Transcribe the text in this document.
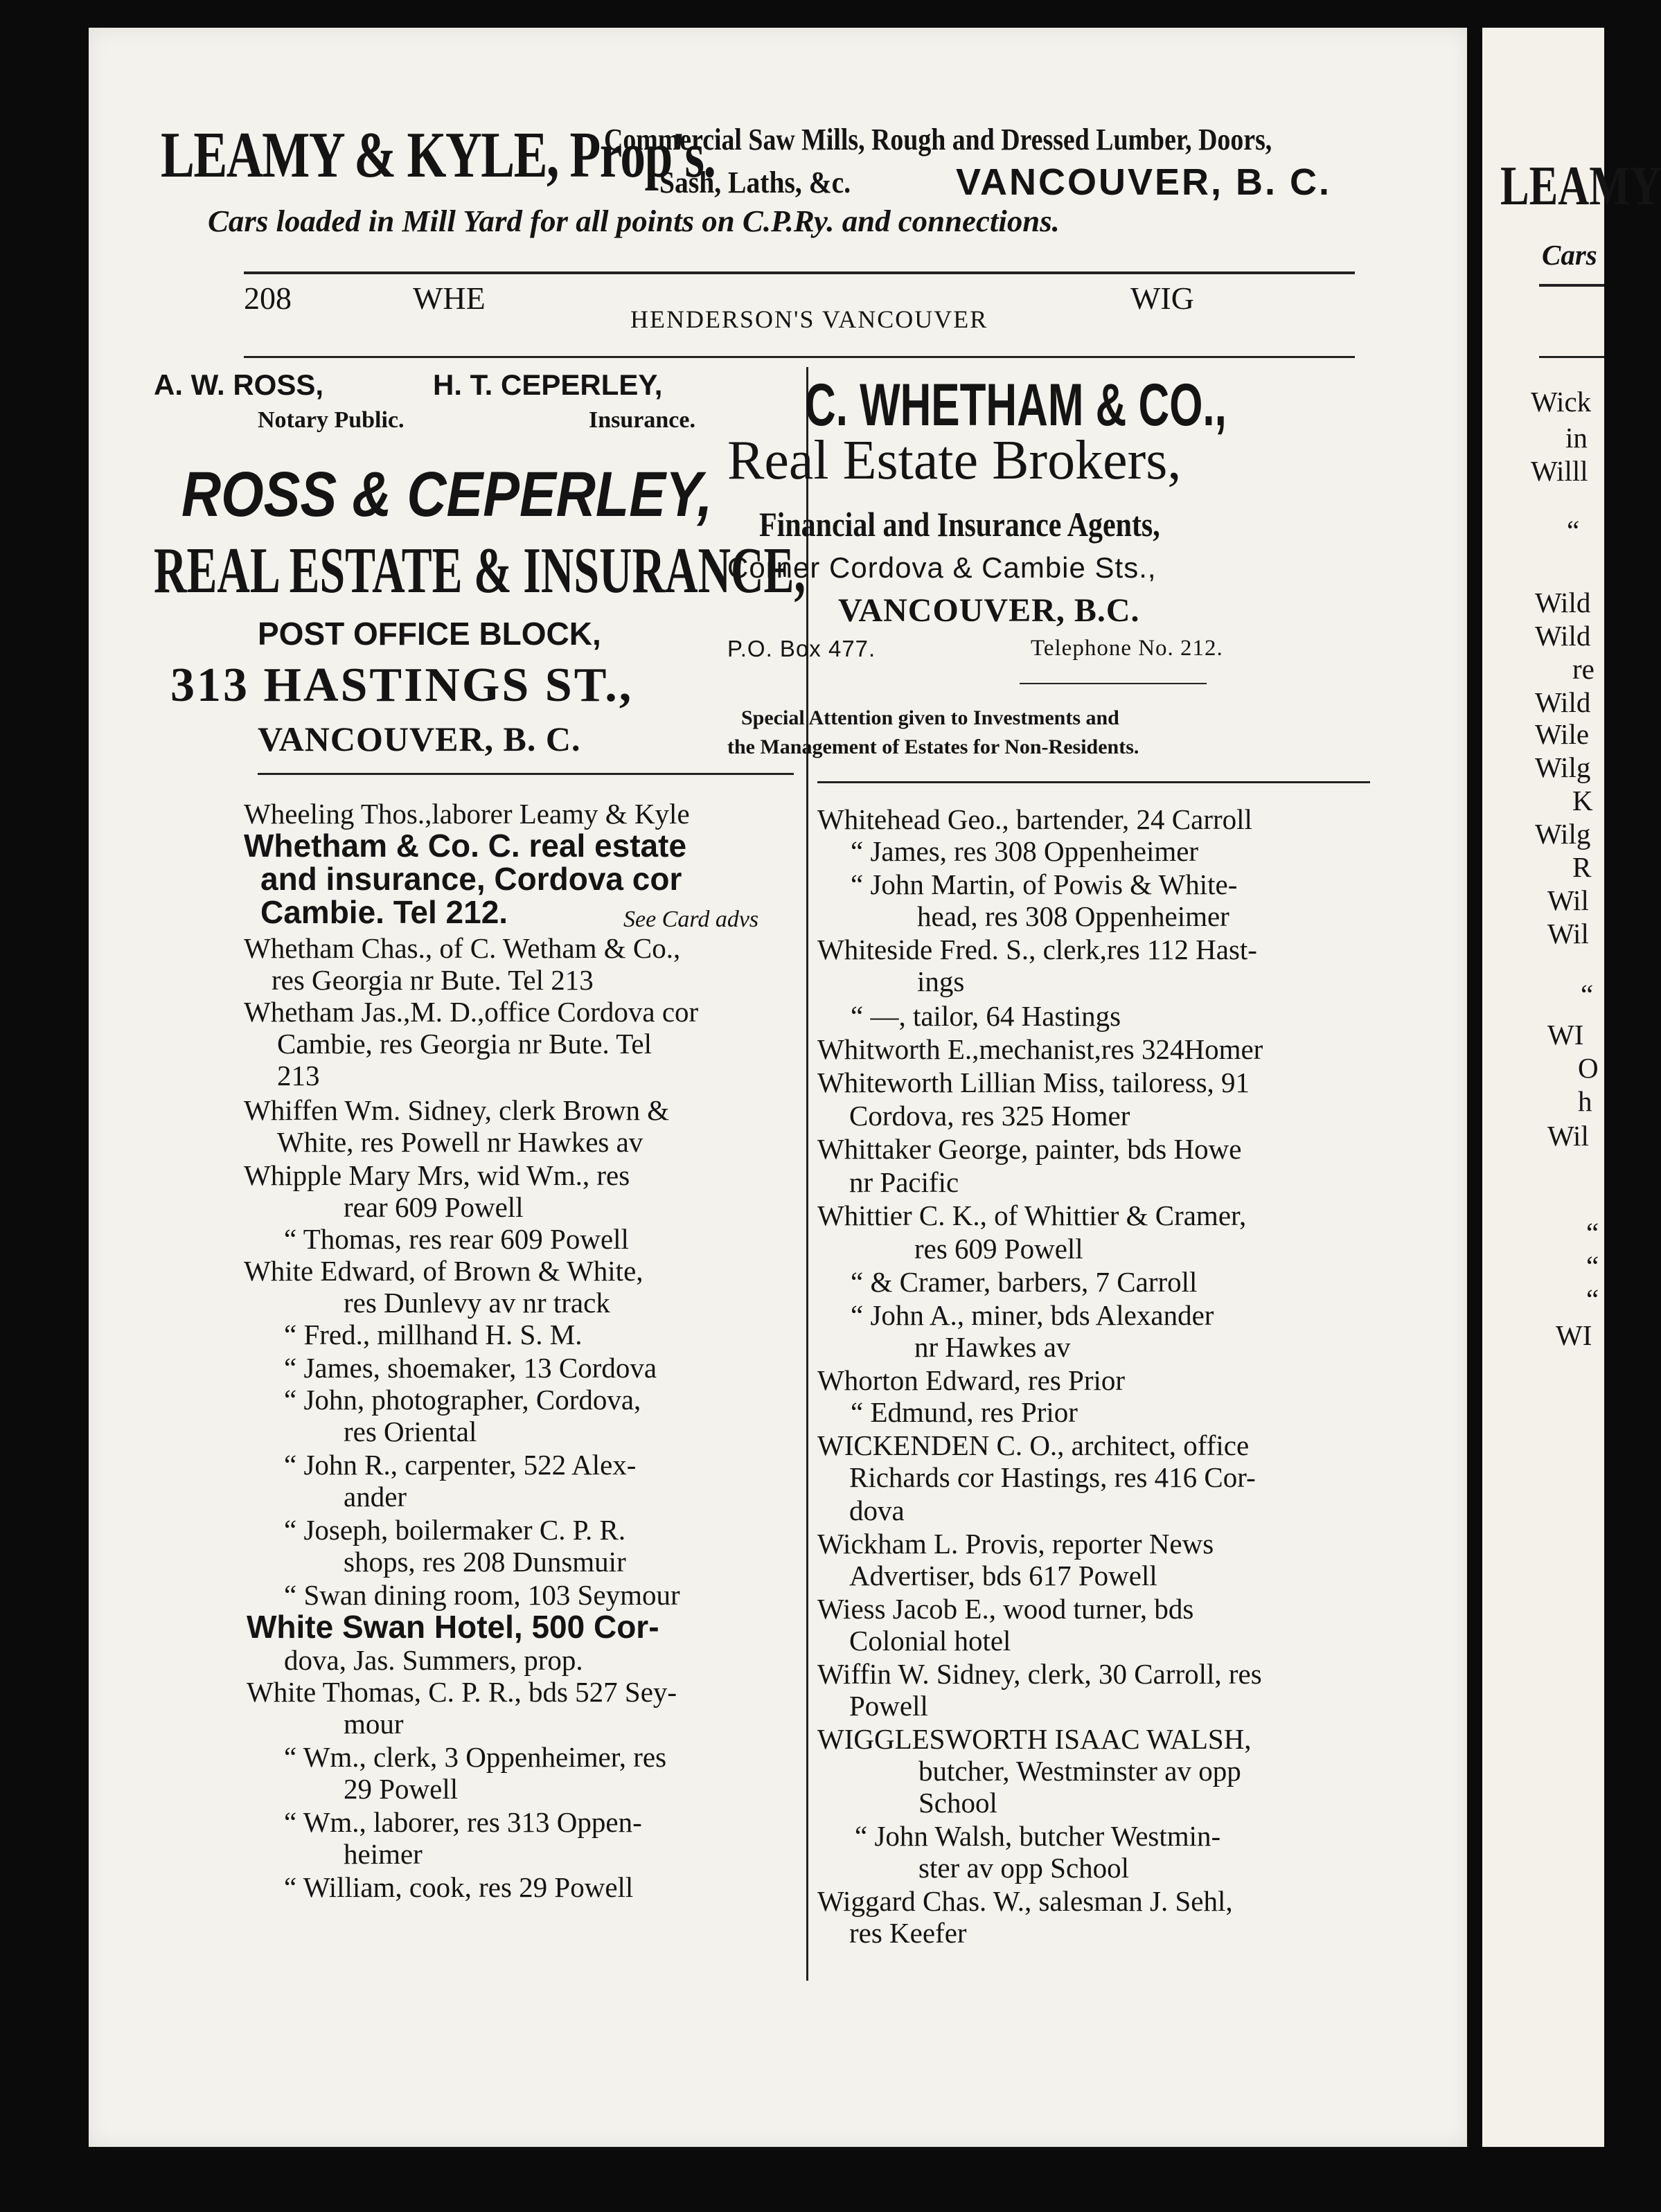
LEAMY & KYLE, Prop's.
Commercial Saw Mills, Rough and Dressed Lumber, Doors,
Sash, Laths, &c.	VANCOUVER, B. C.
Cars loaded in Mill Yard for all points on C.P.Ry. and connections.
208	WHE
HENDERSON'S VANCOUVER
WIG
A. W. ROSS,	H. T. CEPERLEY,
Notary Public.	Insurance.
ROSS & CEPERLEY,
REAL ESTATE & INSURANCE,
POST OFFICE BLOCK,
313 HASTINGS ST.,
VANCOUVER, B. C.
C. WHETHAM & CO.,
Real Estate Brokers,
Financial and Insurance Agents,
Corner Cordova & Cambie Sts.,
VANCOUVER, B.C.
P.O. Box 477.	Telephone No. 212.
Special Attention given to Investments and
the Management of Estates for Non-Residents.
Wheeling Thos.,laborer Leamy & Kyle
Whetham & Co. C. real estate
and insurance, Cordova cor
Cambie. Tel 212.	See Card advs
Whetham Chas., of C. Wetham & Co.,
res Georgia nr Bute. Tel 213
Whetham Jas.,M. D.,office Cordova cor
Cambie, res Georgia nr Bute. Tel
213
Whiffen Wm. Sidney, clerk Brown &
White, res Powell nr Hawkes av
Whipple Mary Mrs, wid Wm., res
rear 609 Powell
“ Thomas, res rear 609 Powell
White Edward, of Brown & White,
res Dunlevy av nr track
“ Fred., millhand H. S. M.
“ James, shoemaker, 13 Cordova
“ John, photographer, Cordova,
res Oriental
“ John R., carpenter, 522 Alex-
ander
“ Joseph, boilermaker C. P. R.
shops, res 208 Dunsmuir
“ Swan dining room, 103 Seymour
White Swan Hotel, 500 Cor-
dova, Jas. Summers, prop.
White Thomas, C. P. R., bds 527 Sey-
mour
“ Wm., clerk, 3 Oppenheimer, res
29 Powell
“ Wm., laborer, res 313 Oppen-
heimer
“ William, cook, res 29 Powell
Whitehead Geo., bartender, 24 Carroll
“ James, res 308 Oppenheimer
“ John Martin, of Powis & White-
head, res 308 Oppenheimer
Whiteside Fred. S., clerk,res 112 Hast-
ings
“ —, tailor, 64 Hastings
Whitworth E.,mechanist,res 324Homer
Whiteworth Lillian Miss, tailoress, 91
Cordova, res 325 Homer
Whittaker George, painter, bds Howe
nr Pacific
Whittier C. K., of Whittier & Cramer,
res 609 Powell
“ & Cramer, barbers, 7 Carroll
“ John A., miner, bds Alexander
nr Hawkes av
Whorton Edward, res Prior
“ Edmund, res Prior
WICKENDEN C. O., architect, office
Richards cor Hastings, res 416 Cor-
dova
Wickham L. Provis, reporter News
Advertiser, bds 617 Powell
Wiess Jacob E., wood turner, bds
Colonial hotel
Wiffin W. Sidney, clerk, 30 Carroll, res
Powell
WIGGLESWORTH ISAAC WALSH,
butcher, Westminster av opp
School
“ John Walsh, butcher Westmin-
ster av opp School
Wiggard Chas. W., salesman J. Sehl,
res Keefer
LEAMY
Cars
Wick
in
Willl
“
Wild
Wild
re
Wild
Wile
Wilg
K
Wilg
R
Wil
Wil
“
WI
O
h
Wil
“
“
“
WI
